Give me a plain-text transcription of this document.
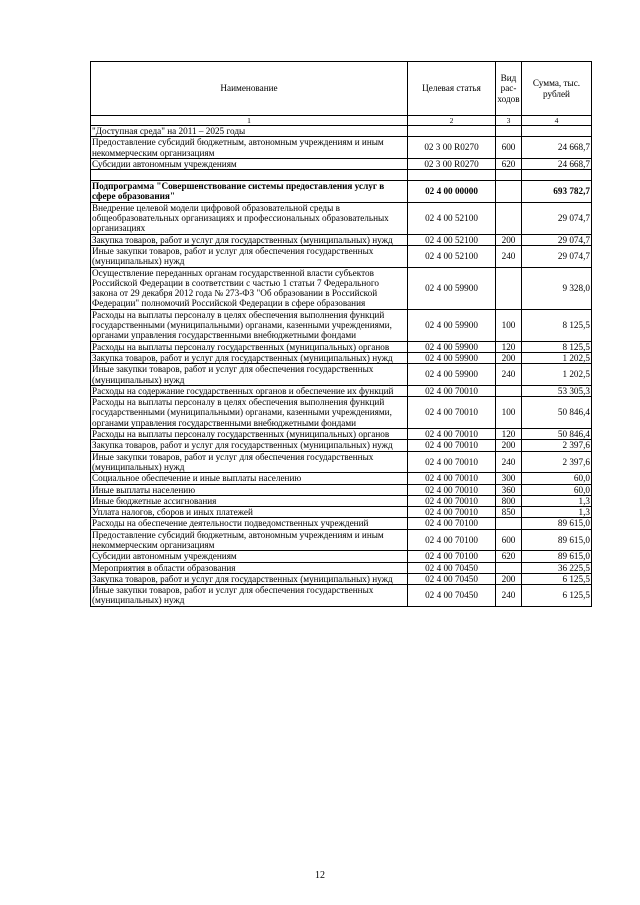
Наименование	Целевая статья	Вид рас-ходов	Сумма, тыс. рублей
1	2	3	4
"Доступная среда" на 2011 – 2025 годы			
Предоставление субсидий бюджетным, автономным учреждениям и иным некоммерческим организациям	02 3 00 R0270	600	24 668,7
Субсидии автономным учреждениям	02 3 00 R0270	620	24 668,7

Подпрограмма "Совершенствование системы предоставления услуг в сфере образования"	02 4 00 00000		693 782,7
Внедрение целевой модели цифровой образовательной среды в общеобразовательных организациях и профессиональных образовательных организациях	02 4 00 52100		29 074,7
Закупка товаров, работ и услуг для государственных (муниципальных) нужд	02 4 00 52100	200	29 074,7
Иные закупки товаров, работ и услуг для обеспечения государственных (муниципальных) нужд	02 4 00 52100	240	29 074,7
Осуществление переданных органам государственной власти субъектов Российской Федерации в соответствии с частью 1 статьи 7 Федерального закона от 29 декабря 2012 года № 273-ФЗ "Об образовании в Российской Федерации" полномочий Российской Федерации в сфере образования	02 4 00 59900		9 328,0
Расходы на выплаты персоналу в целях обеспечения выполнения функций государственными (муниципальными) органами, казенными учреждениями, органами управления государственными внебюджетными фондами	02 4 00 59900	100	8 125,5
Расходы на выплаты персоналу государственных (муниципальных) органов	02 4 00 59900	120	8 125,5
Закупка товаров, работ и услуг для государственных (муниципальных) нужд	02 4 00 59900	200	1 202,5
Иные закупки товаров, работ и услуг для обеспечения государственных (муниципальных) нужд	02 4 00 59900	240	1 202,5
Расходы на содержание государственных органов и обеспечение их функций	02 4 00 70010		53 305,3
Расходы на выплаты персоналу в целях обеспечения выполнения функций государственными (муниципальными) органами, казенными учреждениями, органами управления государственными внебюджетными фондами	02 4 00 70010	100	50 846,4
Расходы на выплаты персоналу государственных (муниципальных) органов	02 4 00 70010	120	50 846,4
Закупка товаров, работ и услуг для государственных (муниципальных) нужд	02 4 00 70010	200	2 397,6
Иные закупки товаров, работ и услуг для обеспечения государственных (муниципальных) нужд	02 4 00 70010	240	2 397,6
Социальное обеспечение и иные выплаты населению	02 4 00 70010	300	60,0
Иные выплаты населению	02 4 00 70010	360	60,0
Иные бюджетные ассигнования	02 4 00 70010	800	1,3
Уплата налогов, сборов и иных платежей	02 4 00 70010	850	1,3
Расходы на обеспечение деятельности подведомственных учреждений	02 4 00 70100		89 615,0
Предоставление субсидий бюджетным, автономным учреждениям и иным некоммерческим организациям	02 4 00 70100	600	89 615,0
Субсидии автономным учреждениям	02 4 00 70100	620	89 615,0
Мероприятия в области образования	02 4 00 70450		36 225,5
Закупка товаров, работ и услуг для государственных (муниципальных) нужд	02 4 00 70450	200	6 125,5
Иные закупки товаров, работ и услуг для обеспечения государственных (муниципальных) нужд	02 4 00 70450	240	6 125,5
12
